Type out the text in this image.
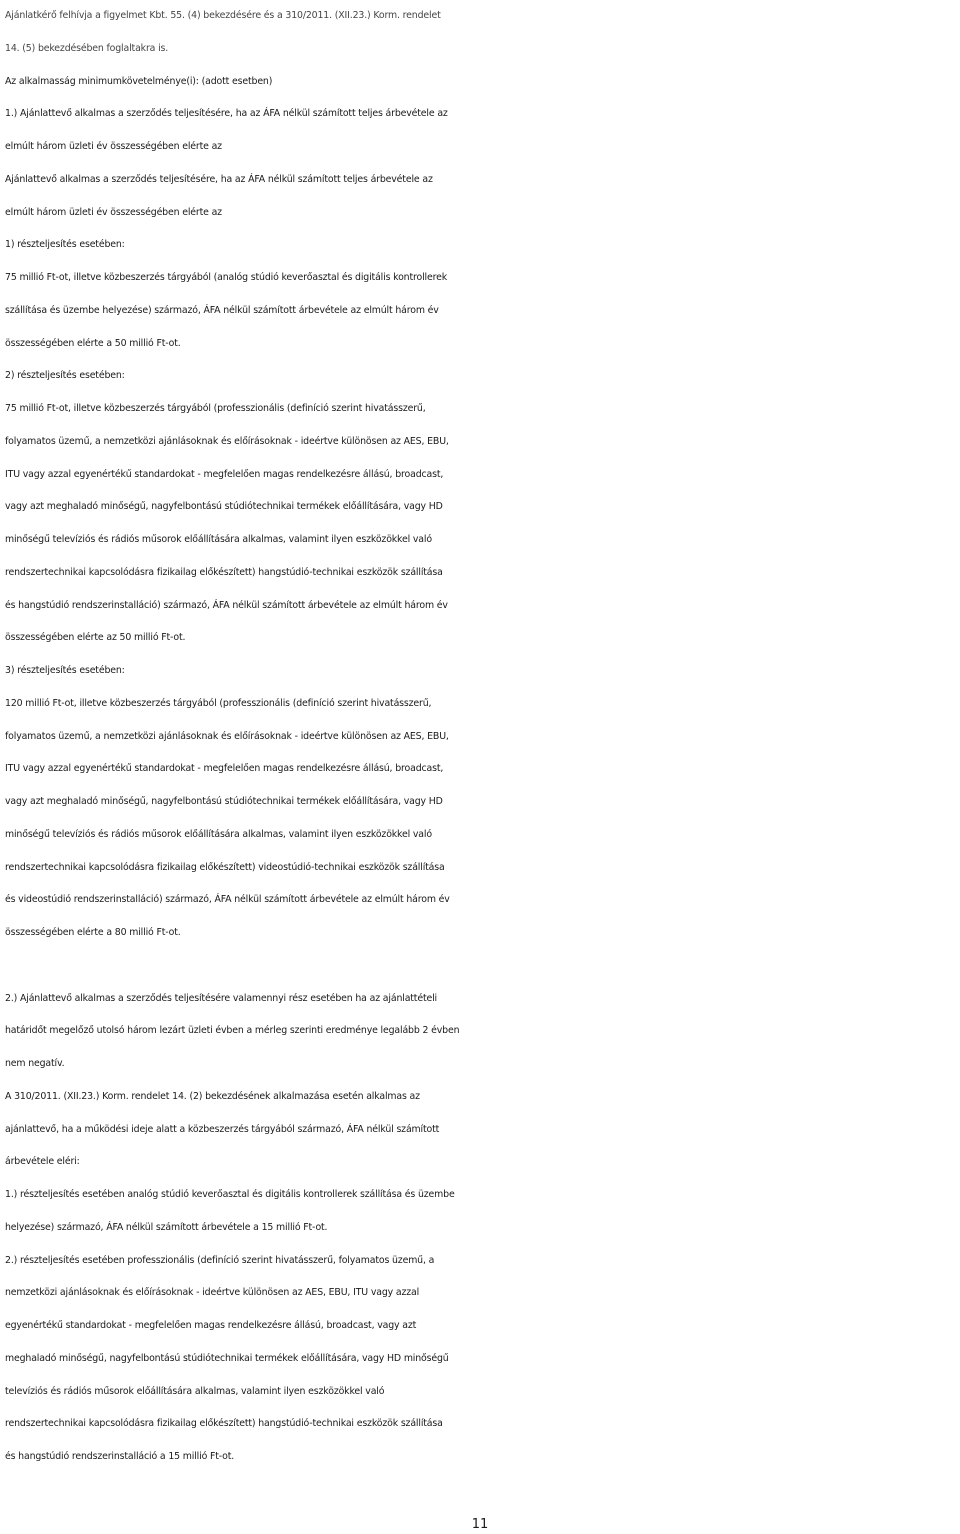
Ajánlatkérő felhívja a figyelmet Kbt. 55. (4) bekezdésére és a 310/2011. (XII.23.) Korm. rendelet
14. (5) bekezdésében foglaltakra is.
Az alkalmasság minimumkövetelménye(i): (adott esetben)
1.) Ajánlattevő alkalmas a szerződés teljesítésére, ha az ÁFA nélkül számított teljes árbevétele az
elmúlt három üzleti év összességében elérte az
Ajánlattevő alkalmas a szerződés teljesítésére, ha az ÁFA nélkül számított teljes árbevétele az
elmúlt három üzleti év összességében elérte az
1) részteljesítés esetében:
75 millió Ft-ot, illetve közbeszerzés tárgyából (analóg stúdió keverőasztal és digitális kontrollerek
szállítása és üzembe helyezése) származó, ÁFA nélkül számított árbevétele az elmúlt három év
összességében elérte a 50 millió Ft-ot.
2) részteljesítés esetében:
75 millió Ft-ot, illetve közbeszerzés tárgyából (professzionális (definíció szerint hivatásszerű,
folyamatos üzemű, a nemzetközi ajánlásoknak és előírásoknak - ideértve különösen az AES, EBU,
ITU vagy azzal egyenértékű standardokat - megfelelően magas rendelkezésre állású, broadcast,
vagy azt meghaladó minőségű, nagyfelbontású stúdiótechnikai termékek előállítására, vagy HD
minőségű televíziós és rádiós műsorok előállítására alkalmas, valamint ilyen eszközökkel való
rendszertechnikai kapcsolódásra fizikailag előkészített) hangstúdió-technikai eszközök szállítása
és hangstúdió rendszerinstalláció) származó, ÁFA nélkül számított árbevétele az elmúlt három év
összességében elérte az 50 millió Ft-ot.
3) részteljesítés esetében:
120 millió Ft-ot, illetve közbeszerzés tárgyából (professzionális (definíció szerint hivatásszerű,
folyamatos üzemű, a nemzetközi ajánlásoknak és előírásoknak - ideértve különösen az AES, EBU,
ITU vagy azzal egyenértékű standardokat - megfelelően magas rendelkezésre állású, broadcast,
vagy azt meghaladó minőségű, nagyfelbontású stúdiótechnikai termékek előállítására, vagy HD
minőségű televíziós és rádiós műsorok előállítására alkalmas, valamint ilyen eszközökkel való
rendszertechnikai kapcsolódásra fizikailag előkészített) videostúdió-technikai eszközök szállítása
és videostúdió rendszerinstalláció) származó, ÁFA nélkül számított árbevétele az elmúlt három év
összességében elérte a 80 millió Ft-ot.
2.) Ajánlattevő alkalmas a szerződés teljesítésére valamennyi rész esetében ha az ajánlattételi
határidőt megelőző utolsó három lezárt üzleti évben a mérleg szerinti eredménye legalább 2 évben
nem negatív.
A 310/2011. (XII.23.) Korm. rendelet 14. (2) bekezdésének alkalmazása esetén alkalmas az
ajánlattevő, ha a működési ideje alatt a közbeszerzés tárgyából származó, ÁFA nélkül számított
árbevétele eléri:
1.) részteljesítés esetében analóg stúdió keverőasztal és digitális kontrollerek szállítása és üzembe
helyezése) származó, ÁFA nélkül számított árbevétele a 15 millió Ft-ot.
2.) részteljesítés esetében professzionális (definíció szerint hivatásszerű, folyamatos üzemű, a
nemzetközi ajánlásoknak és előírásoknak - ideértve különösen az AES, EBU, ITU vagy azzal
egyenértékű standardokat - megfelelően magas rendelkezésre állású, broadcast, vagy azt
meghaladó minőségű, nagyfelbontású stúdiótechnikai termékek előállítására, vagy HD minőségű
televíziós és rádiós műsorok előállítására alkalmas, valamint ilyen eszközökkel való
rendszertechnikai kapcsolódásra fizikailag előkészített) hangstúdió-technikai eszközök szállítása
és hangstúdió rendszerinstalláció a 15 millió Ft-ot.
11
